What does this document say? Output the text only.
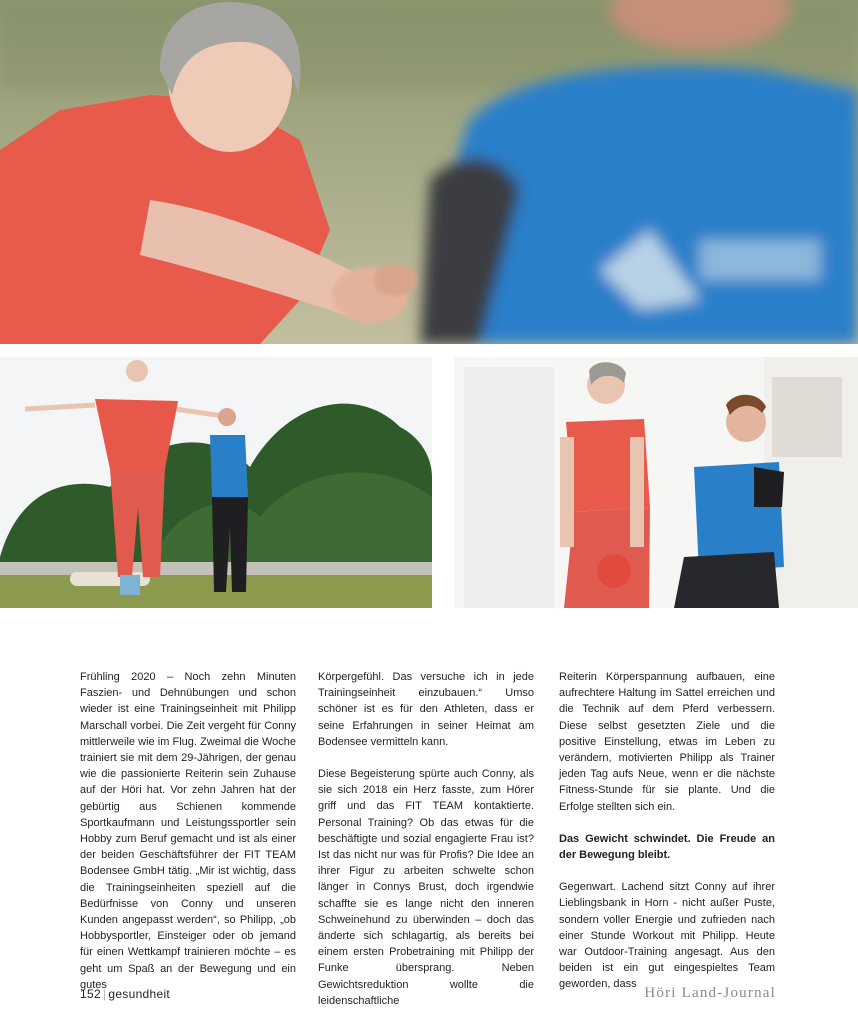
Frühling 2020 – Noch zehn Minuten Faszien- und Dehnübungen und schon wieder ist eine Trainingseinheit mit Philipp Marschall vorbei. Die Zeit vergeht für Conny mittlerweile wie im Flug. Zweimal die Woche trainiert sie mit dem 29-Jährigen, der genau wie die passionierte Reiterin sein Zuhause auf der Höri hat. Vor zehn Jahren hat der gebürtig aus Schienen kommende Sportkaufmann und Leistungssportler sein Hobby zum Beruf gemacht und ist als einer der beiden Geschäftsführer der FIT TEAM Bodensee GmbH tätig. „Mir ist wichtig, dass die Trainingseinheiten speziell auf die Bedürfnisse von Conny und unseren Kunden angepasst werden“, so Philipp, „ob Hobbysportler, Einsteiger oder ob jemand für einen Wettkampf trainieren möchte – es geht um Spaß an der Bewegung und ein gutes

Körpergefühl. Das versuche ich in jede Trainingseinheit einzubauen.“ Umso schöner ist es für den Athleten, dass er seine Erfahrungen in seiner Heimat am Bodensee vermitteln kann.

Diese Begeisterung spürte auch Conny, als sie sich 2018 ein Herz fasste, zum Hörer griff und das FIT TEAM kontaktierte. Personal Training? Ob das etwas für die beschäftigte und sozial engagierte Frau ist? Ist das nicht nur was für Profis? Die Idee an ihrer Figur zu arbeiten schwelte schon länger in Connys Brust, doch irgendwie schaffte sie es lange nicht den inneren Schweinehund zu überwinden – doch das änderte sich schlagartig, als bereits bei einem ersten Probetraining mit Philipp der Funke übersprang. Neben Gewichtsreduktion wollte die leidenschaftliche

Reiterin Körperspannung aufbauen, eine aufrechtere Haltung im Sattel erreichen und die Technik auf dem Pferd verbessern. Diese selbst gesetzten Ziele und die positive Einstellung, etwas im Leben zu verändern, motivierten Philipp als Trainer jeden Tag aufs Neue, wenn er die nächste Fitness-Stunde für sie plante. Und die Erfolge stellten sich ein.

Das Gewicht schwindet. Die Freude an der Bewegung bleibt.

Gegenwart. Lachend sitzt Conny auf ihrer Lieblingsbank in Horn - nicht außer Puste, sondern voller Energie und zufrieden nach einer Stunde Workout mit Philipp. Heute war Outdoor-Training angesagt. Aus den beiden ist ein gut eingespieltes Team geworden, dass

152 | gesundheit	Höri Land-Journal
